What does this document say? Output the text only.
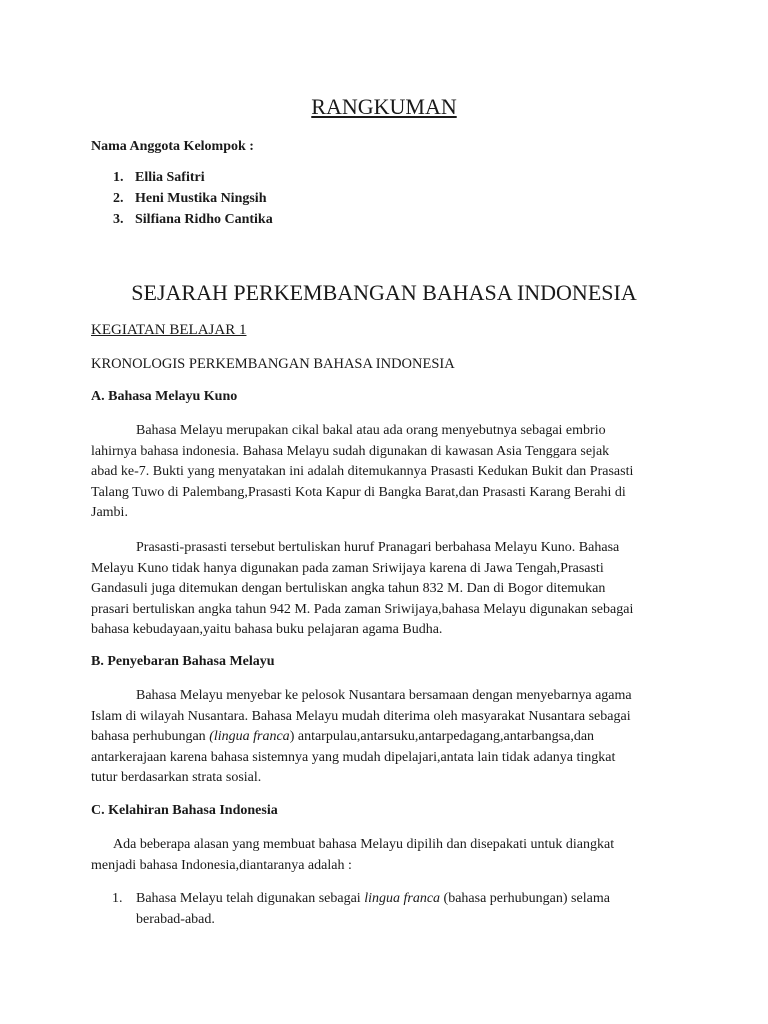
RANGKUMAN
Nama Anggota Kelompok :
1. Ellia Safitri
2. Heni Mustika Ningsih
3. Silfiana Ridho Cantika
SEJARAH PERKEMBANGAN BAHASA INDONESIA
KEGIATAN BELAJAR 1
KRONOLOGIS PERKEMBANGAN BAHASA INDONESIA
A. Bahasa Melayu Kuno
Bahasa Melayu merupakan cikal bakal atau ada orang menyebutnya sebagai embrio
lahirnya bahasa indonesia. Bahasa Melayu sudah digunakan di kawasan Asia Tenggara sejak
abad ke-7. Bukti yang menyatakan ini adalah ditemukannya Prasasti Kedukan Bukit dan Prasasti
Talang Tuwo di Palembang,Prasasti Kota Kapur di Bangka Barat,dan Prasasti Karang Berahi di
Jambi.
Prasasti-prasasti tersebut bertuliskan huruf Pranagari berbahasa Melayu Kuno. Bahasa
Melayu Kuno tidak hanya digunakan pada zaman Sriwijaya karena di Jawa Tengah,Prasasti
Gandasuli juga ditemukan dengan bertuliskan angka tahun 832 M. Dan di Bogor ditemukan
prasari bertuliskan angka tahun 942 M. Pada zaman Sriwijaya,bahasa Melayu digunakan sebagai
bahasa kebudayaan,yaitu bahasa buku pelajaran agama Budha.
B. Penyebaran Bahasa Melayu
Bahasa Melayu menyebar ke pelosok Nusantara bersamaan dengan menyebarnya agama
Islam di wilayah Nusantara. Bahasa Melayu mudah diterima oleh masyarakat Nusantara sebagai
bahasa perhubungan (lingua franca) antarpulau,antarsuku,antarpedagang,antarbangsa,dan
antarkerajaan karena bahasa sistemnya yang mudah dipelajari,antata lain tidak adanya tingkat
tutur berdasarkan strata sosial.
C. Kelahiran Bahasa Indonesia
Ada beberapa alasan yang membuat bahasa Melayu dipilih dan disepakati untuk diangkat
menjadi bahasa Indonesia,diantaranya adalah :
1. Bahasa Melayu telah digunakan sebagai lingua franca (bahasa perhubungan) selama
berabad-abad.
